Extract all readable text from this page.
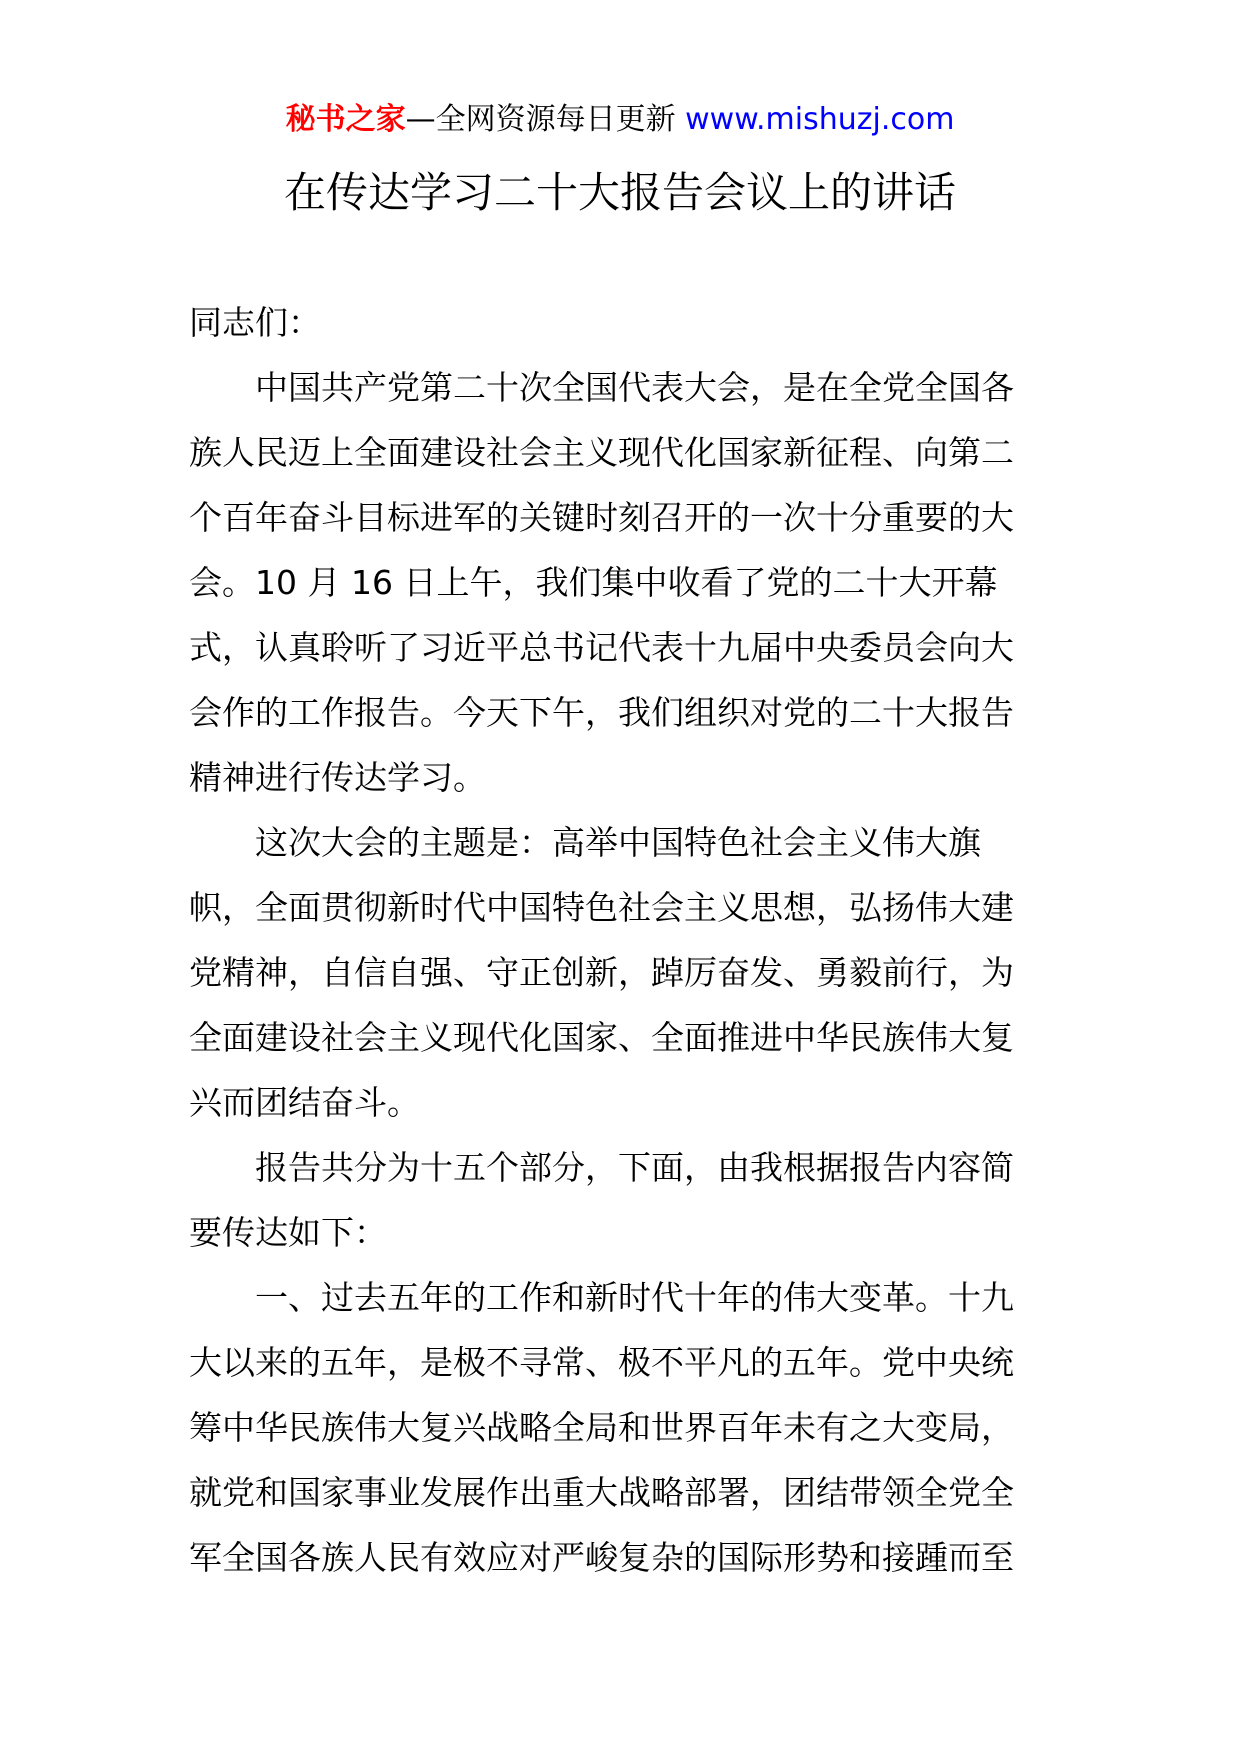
秘书之家—全网资源每日更新 www.mishuzj.com
在传达学习二十大报告会议上的讲话
同志们：
中国共产党第二十次全国代表大会，是在全党全国各
族人民迈上全面建设社会主义现代化国家新征程、向第二
个百年奋斗目标进军的关键时刻召开的一次十分重要的大
会。10 月 16 日上午，我们集中收看了党的二十大开幕
式，认真聆听了习近平总书记代表十九届中央委员会向大
会作的工作报告。今天下午，我们组织对党的二十大报告
精神进行传达学习。
这次大会的主题是：高举中国特色社会主义伟大旗
帜，全面贯彻新时代中国特色社会主义思想，弘扬伟大建
党精神，自信自强、守正创新，踔厉奋发、勇毅前行，为
全面建设社会主义现代化国家、全面推进中华民族伟大复
兴而团结奋斗。
报告共分为十五个部分，下面，由我根据报告内容简
要传达如下：
一、过去五年的工作和新时代十年的伟大变革。十九
大以来的五年，是极不寻常、极不平凡的五年。党中央统
筹中华民族伟大复兴战略全局和世界百年未有之大变局，
就党和国家事业发展作出重大战略部署，团结带领全党全
军全国各族人民有效应对严峻复杂的国际形势和接踵而至
